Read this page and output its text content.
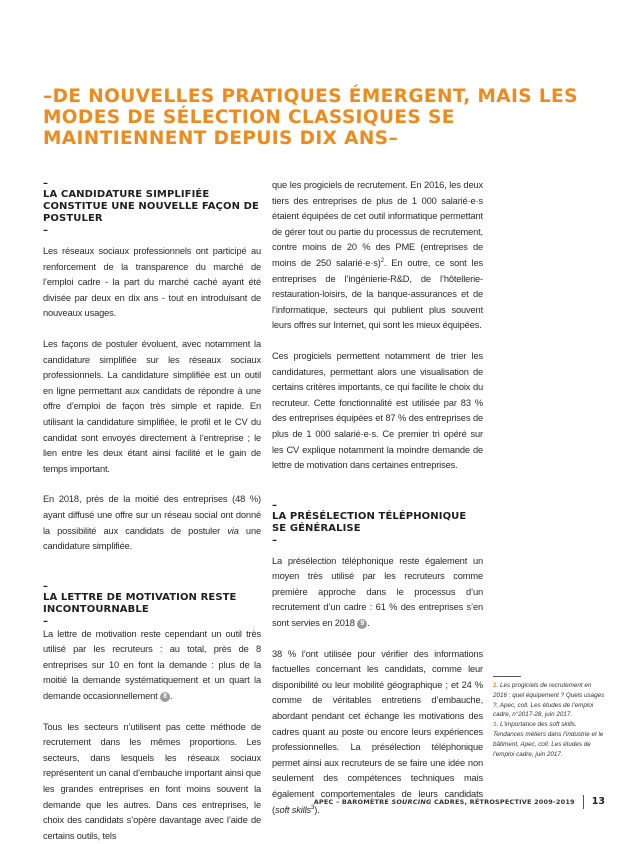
–DE NOUVELLES PRATIQUES ÉMERGENT, MAIS LES MODES DE SÉLECTION CLASSIQUES SE MAINTIENNENT DEPUIS DIX ANS–
–
LA CANDIDATURE SIMPLIFIÉE CONSTITUE UNE NOUVELLE FAÇON DE POSTULER
–

Les réseaux sociaux professionnels ont participé au renforcement de la transparence du marché de l’emploi cadre - la part du marché caché ayant été divisée par deux en dix ans - tout en introduisant de nouveaux usages.

Les façons de postuler évoluent, avec notamment la candidature simplifiée sur les réseaux sociaux professionnels. La candidature simplifiée est un outil en ligne permettant aux candidats de répondre à une offre d’emploi de façon très simple et rapide. En utilisant la candidature simplifiée, le profil et le CV du candidat sont envoyés directement à l’entreprise ; le lien entre les deux étant ainsi facilité et le gain de temps important.

En 2018, près de la moitié des entreprises (48 %) ayant diffusé une offre sur un réseau social ont donné la possibilité aux candidats de postuler via une candidature simplifiée.

–
LA LETTRE DE MOTIVATION RESTE INCONTOURNABLE
–

La lettre de motivation reste cependant un outil très utilisé par les recruteurs : au total, près de 8 entreprises sur 10 en font la demande : plus de la moitié la demande systématiquement et un quart la demande occasionnellement 8 .

Tous les secteurs n’utilisent pas cette méthode de recrutement dans les mêmes proportions. Les secteurs, dans lesquels les réseaux sociaux représentent un canal d’embauche important ainsi que les grandes entreprises en font moins souvent la demande que les autres. Dans ces entreprises, le choix des candidats s’opère davantage avec l’aide de certains outils, tels

que les progiciels de recrutement. En 2016, les deux tiers des entreprises de plus de 1 000 salarié·e·s étaient équipées de cet outil informatique permettant de gérer tout ou partie du processus de recrutement, contre moins de 20 % des PME (entreprises de moins de 250 salarié·e·s)$^2$. En outre, ce sont les entreprises de l’ingénierie-R&D, de l’hôtellerie-restauration-loisirs, de la banque-assurances et de l’informatique, secteurs qui publient plus souvent leurs offres sur Internet, qui sont les mieux équipées.

Ces progiciels permettent notamment de trier les candidatures, permettant alors une visualisation de certains critères importants, ce qui facilite le choix du recruteur. Cette fonctionnalité est utilisée par 83 % des entreprises équipées et 87 % des entreprises de plus de 1 000 salarié·e·s. Ce premier tri opéré sur les CV explique notamment la moindre demande de lettre de motivation dans certaines entreprises.

–
LA PRÉSÉLECTION TÉLÉPHONIQUE SE GÉNÉRALISE
–

La présélection téléphonique reste également un moyen très utilisé par les recruteurs comme première approche dans le processus d’un recrutement d’un cadre : 61 % des entreprises s’en sont servies en 2018 9 .

38 % l’ont utilisée pour vérifier des informations factuelles concernant les candidats, comme leur disponibilité ou leur mobilité géographique ; et 24 % comme de véritables entretiens d’embauche, abordant pendant cet échange les motivations des cadres quant au poste ou encore leurs expériences professionnelles. La présélection téléphonique permet ainsi aux recruteurs de se faire une idée non seulement des compétences techniques mais également comportementales de leurs candidats (soft skills$^3$).

2. Les progiciels de recrutement en 2016 : quel équipement ? Quels usages ?, Apec, coll. Les études de l’emploi cadre, n°2017-28, juin 2017.

3. L’importance des soft skills. Tendances métiers dans l’industrie et le bâtiment, Apec, coll. Les études de l’emploi cadre, juin 2017.

APEC – BAROMÈTRE SOURCING CADRES, RÉTROSPECTIVE 2009-2019	13
